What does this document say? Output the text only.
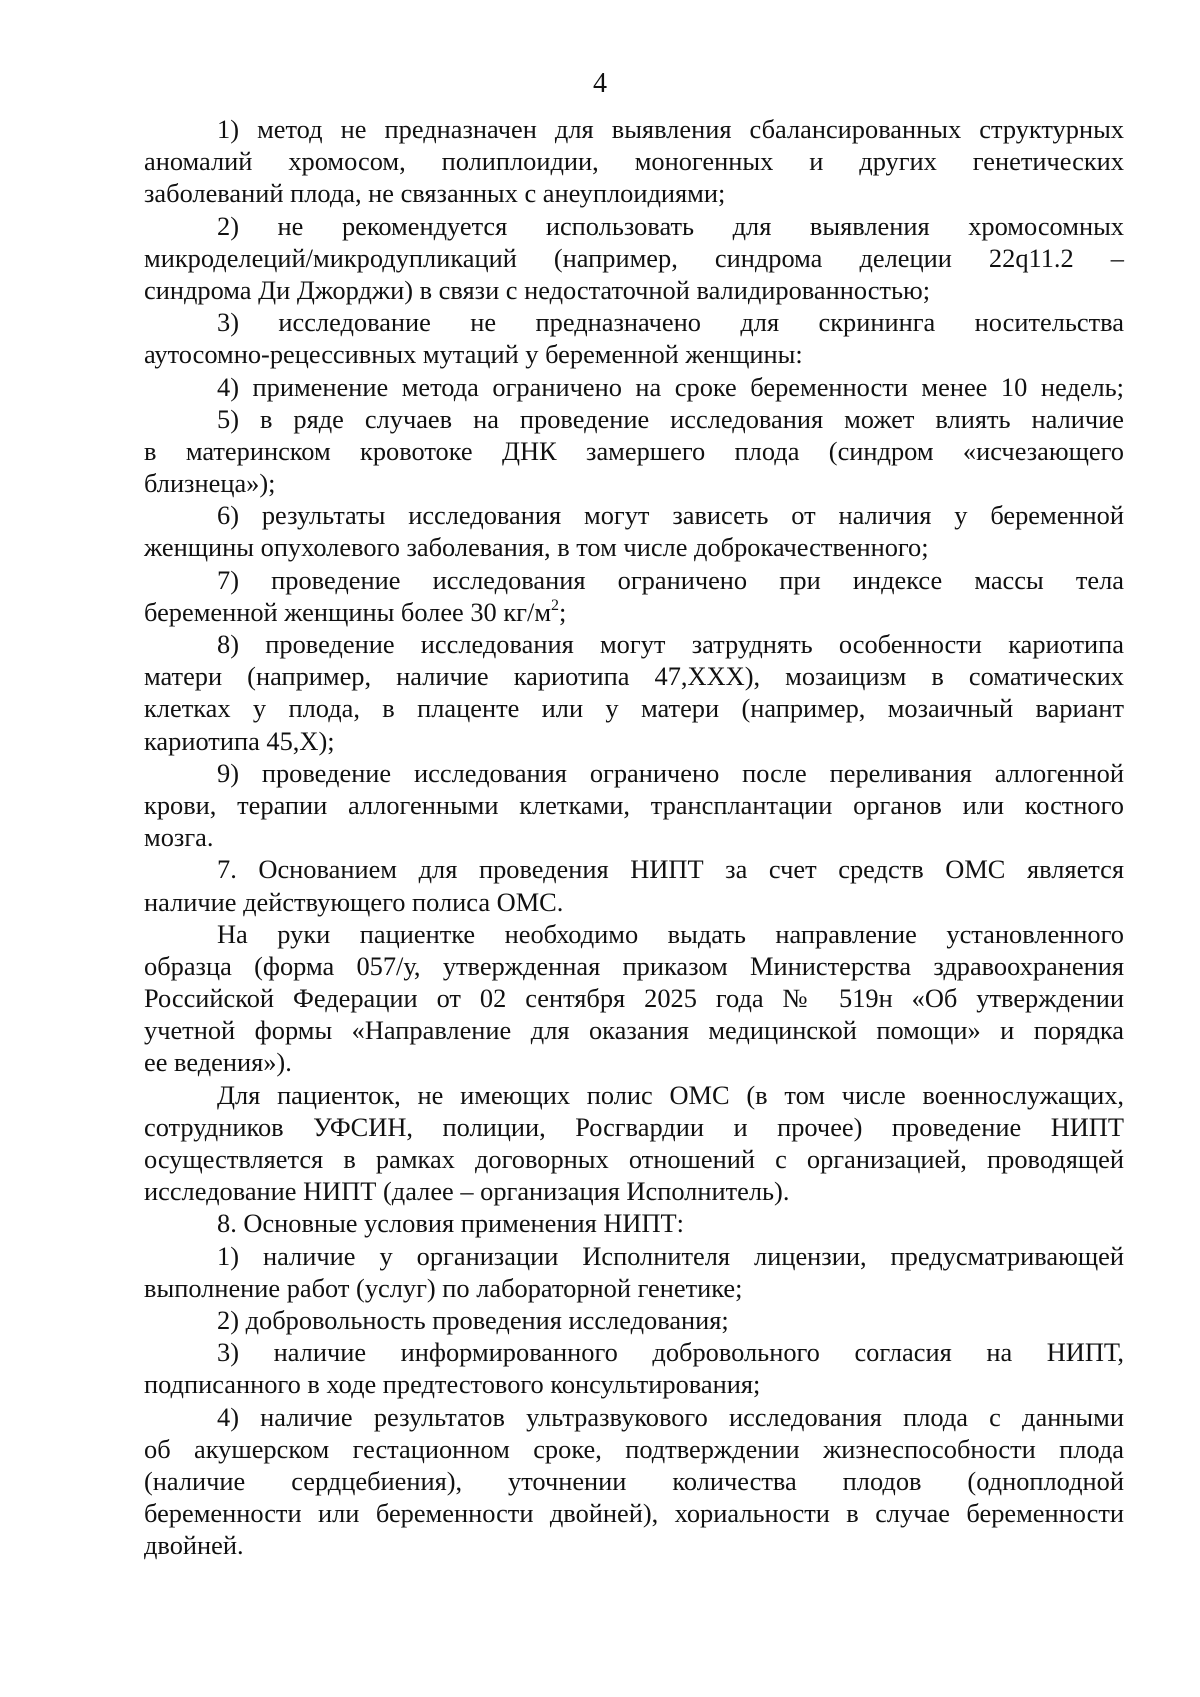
4
1) метод не предназначен для выявления сбалансированных структурных
аномалий хромосом, полиплоидии, моногенных и других генетических
заболеваний плода, не связанных с анеуплоидиями;
2) не рекомендуется использовать для выявления хромосомных
микроделеций/микродупликаций (например, синдрома делеции 22q11.2 –
синдрома Ди Джорджи) в связи с недостаточной валидированностью;
3) исследование не предназначено для скрининга носительства
аутосомно-рецессивных мутаций у беременной женщины:
4) применение метода ограничено на сроке беременности менее 10 недель;
5) в ряде случаев на проведение исследования может влиять наличие
в материнском кровотоке ДНК замершего плода (синдром «исчезающего
близнеца»);
6) результаты исследования могут зависеть от наличия у беременной
женщины опухолевого заболевания, в том числе доброкачественного;
7) проведение исследования ограничено при индексе массы тела
беременной женщины более 30 $кг/м^2$;
8) проведение исследования могут затруднять особенности кариотипа
матери (например, наличие кариотипа 47,XXX), мозаицизм в соматических
клетках у плода, в плаценте или у матери (например, мозаичный вариант
кариотипа 45,X);
9) проведение исследования ограничено после переливания аллогенной
крови, терапии аллогенными клетками, трансплантации органов или костного
мозга.
7. Основанием для проведения НИПТ за счет средств ОМС является
наличие действующего полиса ОМС.
На руки пациентке необходимо выдать направление установленного
образца (форма 057/у, утвержденная приказом Министерства здравоохранения
Российской Федерации от 02 сентября 2025 года № 519н «Об утверждении
учетной формы «Направление для оказания медицинской помощи» и порядка
ее ведения»).
Для пациенток, не имеющих полис ОМС (в том числе военнослужащих,
сотрудников УФСИН, полиции, Росгвардии и прочее) проведение НИПТ
осуществляется в рамках договорных отношений с организацией, проводящей
исследование НИПТ (далее – организация Исполнитель).
8. Основные условия применения НИПТ:
1) наличие у организации Исполнителя лицензии, предусматривающей
выполнение работ (услуг) по лабораторной генетике;
2) добровольность проведения исследования;
3) наличие информированного добровольного согласия на НИПТ,
подписанного в ходе предтестового консультирования;
4) наличие результатов ультразвукового исследования плода с данными
об акушерском гестационном сроке, подтверждении жизнеспособности плода
(наличие сердцебиения), уточнении количества плодов (однoплодной
беременности или беременности двойней), хориальности в случае беременности
двойней.
